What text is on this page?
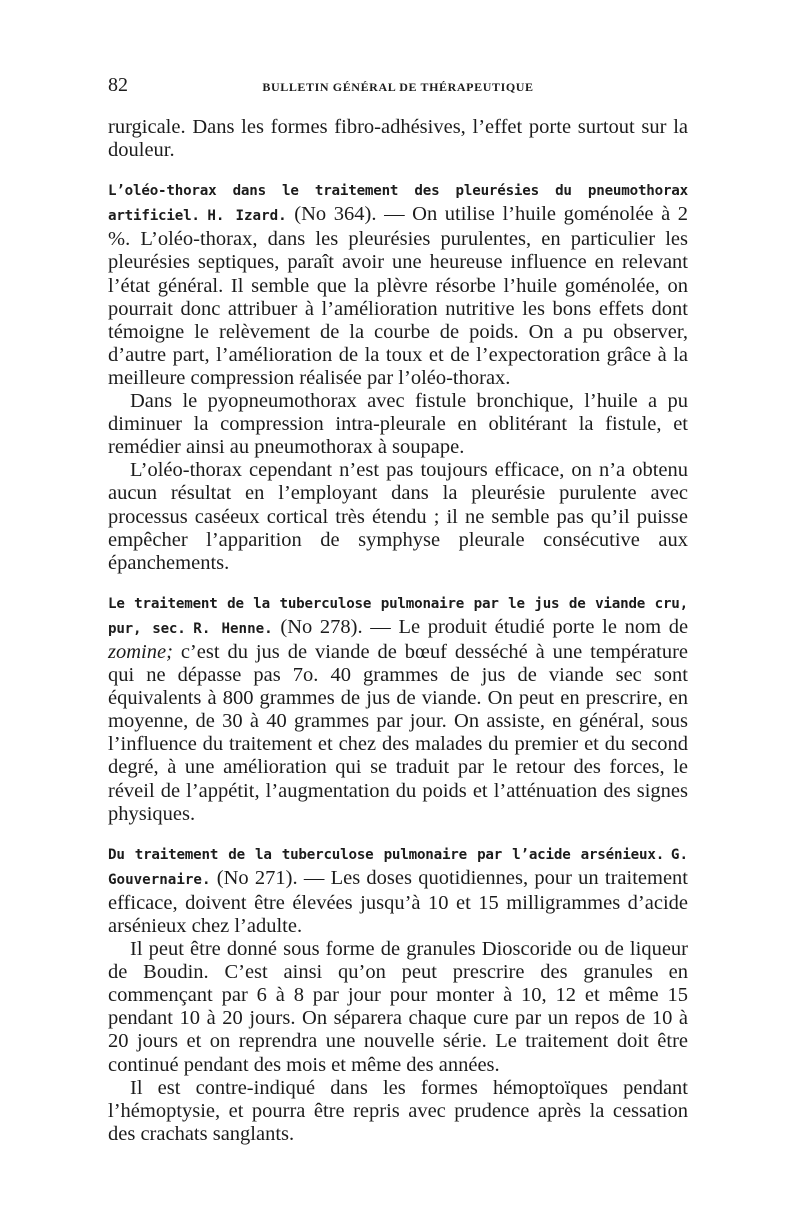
82	BULLETIN GÉNÉRAL DE THÉRAPEUTIQUE

rurgicale. Dans les formes fibro-adhésives, l’effet porte surtout sur la douleur.

L’oléo-thorax dans le traitement des pleurésies du pneumothorax artificiel. H. Izard. (No 364). — On utilise l’huile goménolée à 2 %. L’oléo-thorax, dans les pleurésies purulentes, en particulier les pleurésies septiques, paraît avoir une heureuse influence en relevant l’état général. Il semble que la plèvre résorbe l’huile goménolée, on pourrait donc attribuer à l’amélioration nutritive les bons effets dont témoigne le relèvement de la courbe de poids. On a pu observer, d’autre part, l’amélioration de la toux et de l’expectoration grâce à la meilleure compression réalisée par l’oléo-thorax.

Dans le pyopneumothorax avec fistule bronchique, l’huile a pu diminuer la compression intra-pleurale en oblitérant la fistule, et remédier ainsi au pneumothorax à soupape.

L’oléo-thorax cependant n’est pas toujours efficace, on n’a obtenu aucun résultat en l’employant dans la pleurésie purulente avec processus caséeux cortical très étendu ; il ne semble pas qu’il puisse empêcher l’apparition de symphyse pleurale consécutive aux épanchements.

Le traitement de la tuberculose pulmonaire par le jus de viande cru, pur, sec. R. Henne. (No 278). — Le produit étudié porte le nom de zomine; c’est du jus de viande de bœuf desséché à une température qui ne dépasse pas 7o. 40 grammes de jus de viande sec sont équivalents à 800 grammes de jus de viande. On peut en prescrire, en moyenne, de 30 à 40 grammes par jour. On assiste, en général, sous l’influence du traitement et chez des malades du premier et du second degré, à une amélioration qui se traduit par le retour des forces, le réveil de l’appétit, l’augmentation du poids et l’atténuation des signes physiques.

Du traitement de la tuberculose pulmonaire par l’acide arsénieux. G. Gouvernaire. (No 271). — Les doses quotidiennes, pour un traitement efficace, doivent être élevées jusqu’à 10 et 15 milligrammes d’acide arsénieux chez l’adulte.

Il peut être donné sous forme de granules Dioscoride ou de liqueur de Boudin. C’est ainsi qu’on peut prescrire des granules en commençant par 6 à 8 par jour pour monter à 10, 12 et même 15 pendant 10 à 20 jours. On séparera chaque cure par un repos de 10 à 20 jours et on reprendra une nouvelle série. Le traitement doit être continué pendant des mois et même des années.

Il est contre-indiqué dans les formes hémoptoïques pendant l’hémoptysie, et pourra être repris avec prudence après la cessation des crachats sanglants.
